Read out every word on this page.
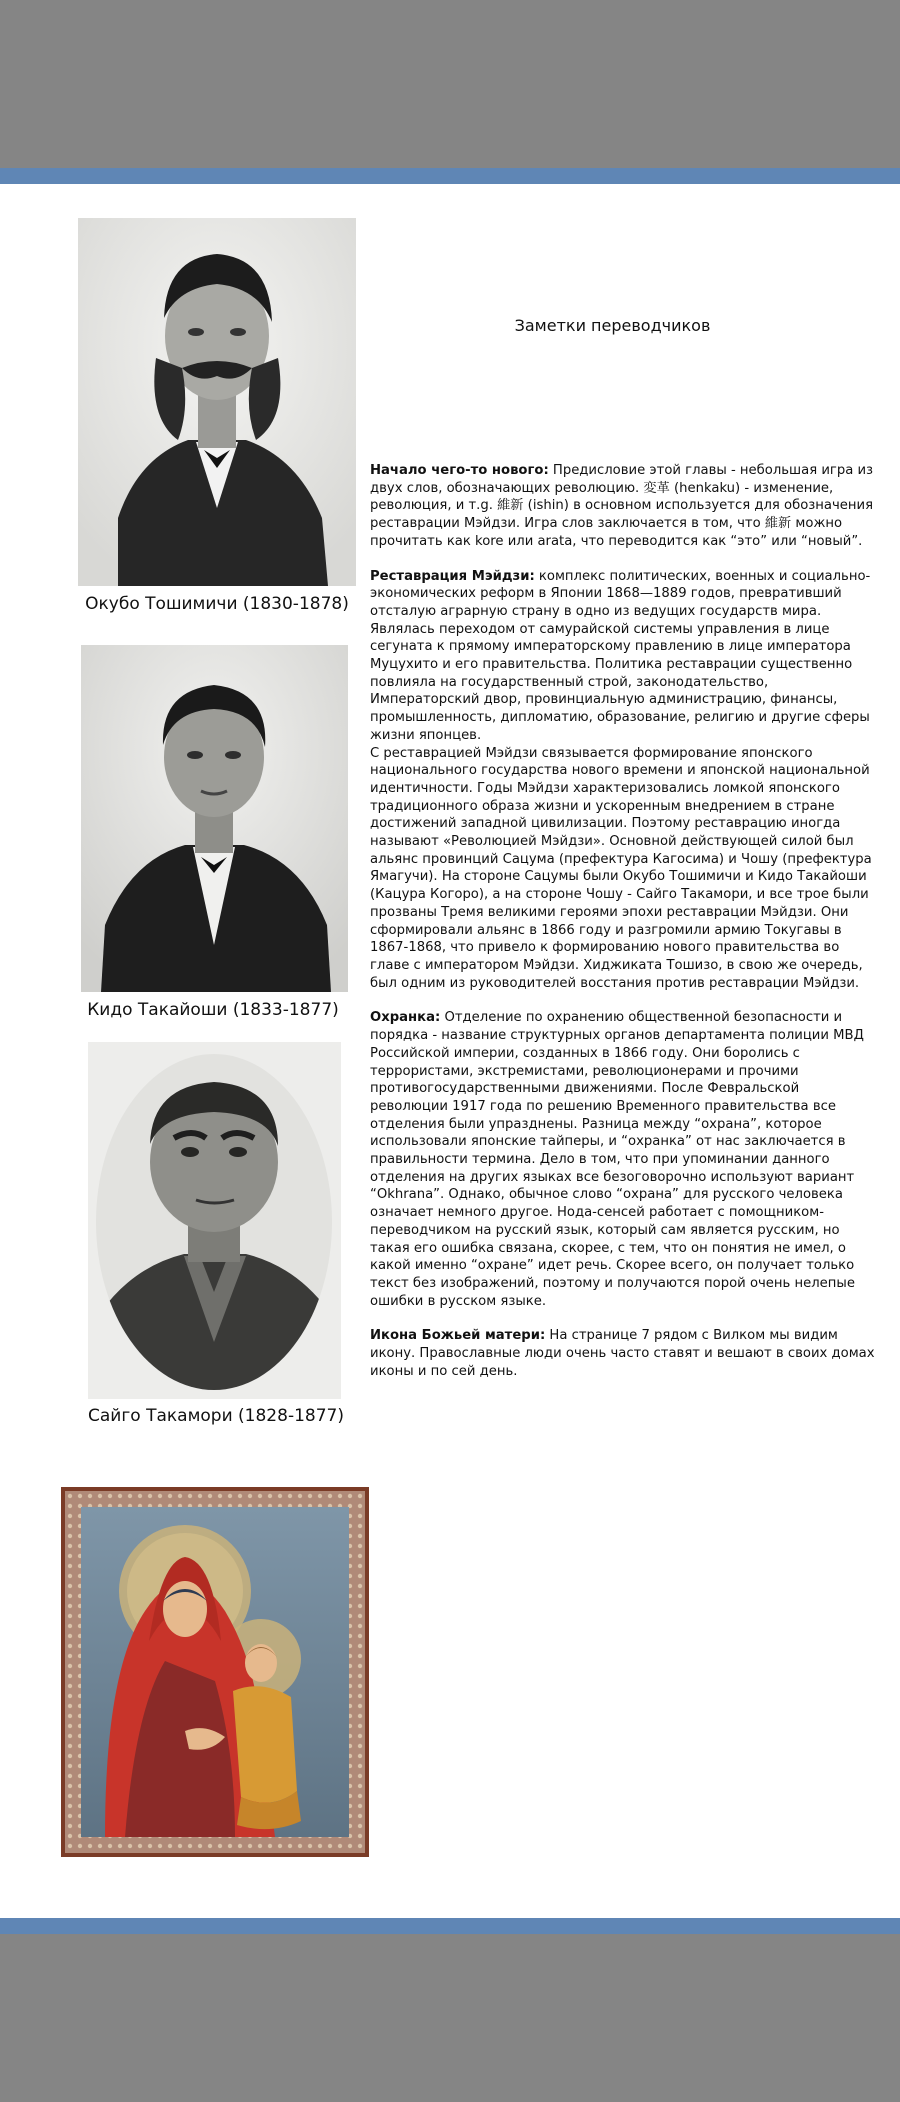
Окубо Тошимичи (1830-1878)
Кидо Такайоши (1833-1877)
Сайго Такамори (1828-1877)
Заметки переводчиков

Начало чего-то нового: Предисловие этой главы - небольшая игра из двух слов, обозначающих революцию. 変革 (henkaku) - изменение, революция, и т.g. 維新 (ishin) в основном используется для обозначения реставрации Мэйдзи. Игра слов заключается в том, что 維新 можно прочитать как kore или arata, что переводится как “это” или “новый”.

Реставрация Мэйдзи: комплекс политических, военных и социально-экономических реформ в Японии 1868—1889 годов, превративший отсталую аграрную страну в одно из ведущих государств мира. Являлась переходом от самурайской системы управления в лице сегуната к прямому императорскому правлению в лице императора Муцухито и его правительства. Политика реставрации существенно повлияла на государственный строй, законодательство, Императорский двор, провинциальную администрацию, финансы, промышленность, дипломатию, образование, религию и другие сферы жизни японцев.
С реставрацией Мэйдзи связывается формирование японского национального государства нового времени и японской национальной идентичности. Годы Мэйдзи характеризовались ломкой японского традиционного образа жизни и ускоренным внедрением в стране достижений западной цивилизации. Поэтому реставрацию иногда называют «Революцией Мэйдзи». Основной действующей силой был альянс провинций Сацума (префектура Кагосима) и Чошу (префектура Ямагучи). На стороне Сацумы были Окубо Тошимичи и Кидо Такайоши (Кацура Когоро), а на стороне Чошу - Сайго Такамори, и все трое были прозваны Тремя великими героями эпохи реставрации Мэйдзи. Они сформировали альянс в 1866 году и разгромили армию Токугавы в 1867-1868, что привело к формированию нового правительства во главе с императором Мэйдзи. Хиджиката Тошизо, в свою же очередь, был одним из руководителей восстания против реставрации Мэйдзи.

Охранка: Отделение по охранению общественной безопасности и порядка - название структурных органов департамента полиции МВД Российской империи, созданных в 1866 году. Они боролись с террористами, экстремистами, революционерами и прочими противогосударственными движениями. После Февральской революции 1917 года по решению Временного правительства все отделения были упразднены. Разница между “охрана”, которое использовали японские тайперы, и “охранка” от нас заключается в правильности термина. Дело в том, что при упоминании данного отделения на других языках все безоговорочно используют вариант “Okhrana”. Однако, обычное слово “охрана” для русского человека означает немного другое. Нода-сенсей работает с помощником-переводчиком на русский язык, который сам является русским, но такая его ошибка связана, скорее, с тем, что он понятия не имел, о какой именно “охране” идет речь. Скорее всего, он получает только текст без изображений, поэтому и получаются порой очень нелепые ошибки в русском языке.

Икона Божьей матери: На странице 7 рядом с Вилком мы видим икону. Православные люди очень часто ставят и вешают в своих домах иконы и по сей день.
